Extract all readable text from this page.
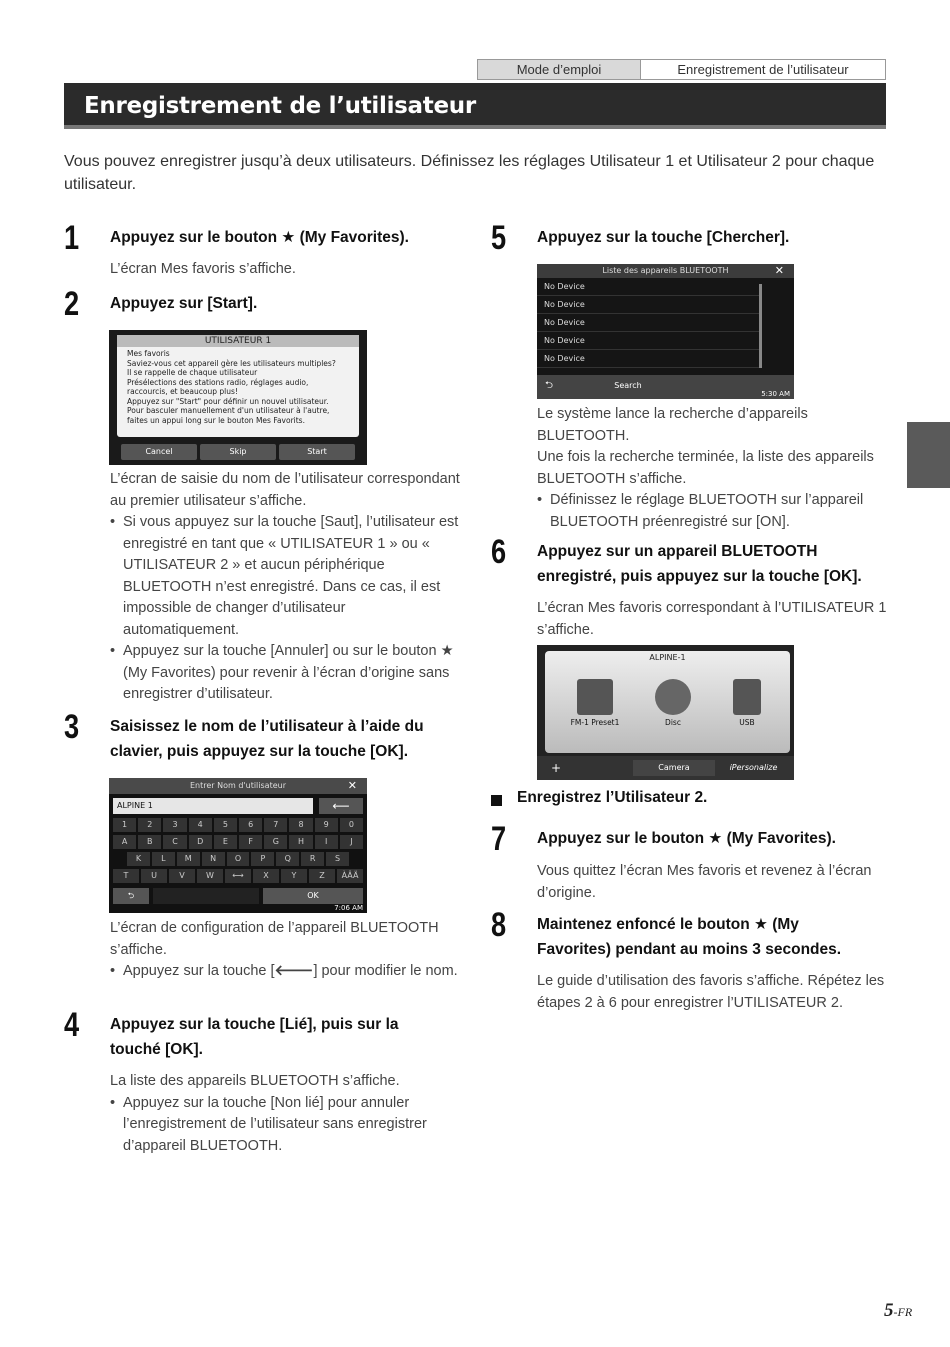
Mode d’emploi	Enregistrement de l’utilisateur
Enregistrement de l’utilisateur

Vous pouvez enregistrer jusqu’à deux utilisateurs. Définissez les réglages Utilisateur 1 et Utilisateur 2 pour chaque utilisateur.

1 Appuyez sur le bouton ★ (My Favorites).
L’écran Mes favoris s’affiche.
2 Appuyez sur [Start].
UTILISATEUR 1
Mes favoris
Saviez-vous cet appareil gère les utilisateurs multiples?
Il se rappelle de chaque utilisateur
Présélections des stations radio, réglages audio,
raccourcis, et beaucoup plus!
Appuyez sur "Start" pour définir un nouvel utilisateur.
Pour basculer manuellement d'un utilisateur à l'autre,
faites un appui long sur le bouton Mes Favorits.
Cancel	Skip	Start
L’écran de saisie du nom de l’utilisateur correspondant au premier utilisateur s’affiche.
• Si vous appuyez sur la touche [Saut], l’utilisateur est enregistré en tant que « UTILISATEUR 1 » ou « UTILISATEUR 2 » et aucun périphérique BLUETOOTH n’est enregistré. Dans ce cas, il est impossible de changer d’utilisateur automatiquement.
• Appuyez sur la touche [Annuler] ou sur le bouton ★ (My Favorites) pour revenir à l’écran d’origine sans enregistrer d’utilisateur.
3 Saisissez le nom de l’utilisateur à l’aide du clavier, puis appuyez sur la touche [OK].
Entrer Nom d'utilisateur	✕
ALPINE 1	⟵
1	2	3	4	5	6	7	8	9	0
A	B	C	D	E	F	G	H	I	J
K	L	M	N	O	P	Q	R	S
T	U	V	W	⟷	X	Y	Z	ÀÂÄ
⮌	OK
7:06 AM
L’écran de configuration de l’appareil BLUETOOTH s’affiche.
• Appuyez sur la touche [🡐] pour modifier le nom.
4 Appuyez sur la touche [Lié], puis sur la touché [OK].
La liste des appareils BLUETOOTH s’affiche.
• Appuyez sur la touche [Non lié] pour annuler l’enregistrement de l’utilisateur sans enregistrer d’appareil BLUETOOTH.
5 Appuyez sur la touche [Chercher].
Liste des appareils BLUETOOTH	✕
No Device
No Device
No Device
No Device
No Device
⮌	Search
5:30 AM
Le système lance la recherche d’appareils BLUETOOTH.
Une fois la recherche terminée, la liste des appareils BLUETOOTH s’affiche.
• Définissez le réglage BLUETOOTH sur l’appareil BLUETOOTH préenregistré sur [ON].
6 Appuyez sur un appareil BLUETOOTH enregistré, puis appuyez sur la touche [OK].
L’écran Mes favoris correspondant à l’UTILISATEUR 1 s’affiche.
ALPINE-1
FM-1 Preset1	Disc	USB
+	Camera	iPersonalize
Enregistrez l’Utilisateur 2.
7 Appuyez sur le bouton ★ (My Favorites).
Vous quittez l’écran Mes favoris et revenez à l’écran d’origine.
8 Maintenez enfoncé le bouton ★ (My Favorites) pendant au moins 3 secondes.
Le guide d’utilisation des favoris s’affiche. Répétez les étapes 2 à 6 pour enregistrer l’UTILISATEUR 2.
5-FR
